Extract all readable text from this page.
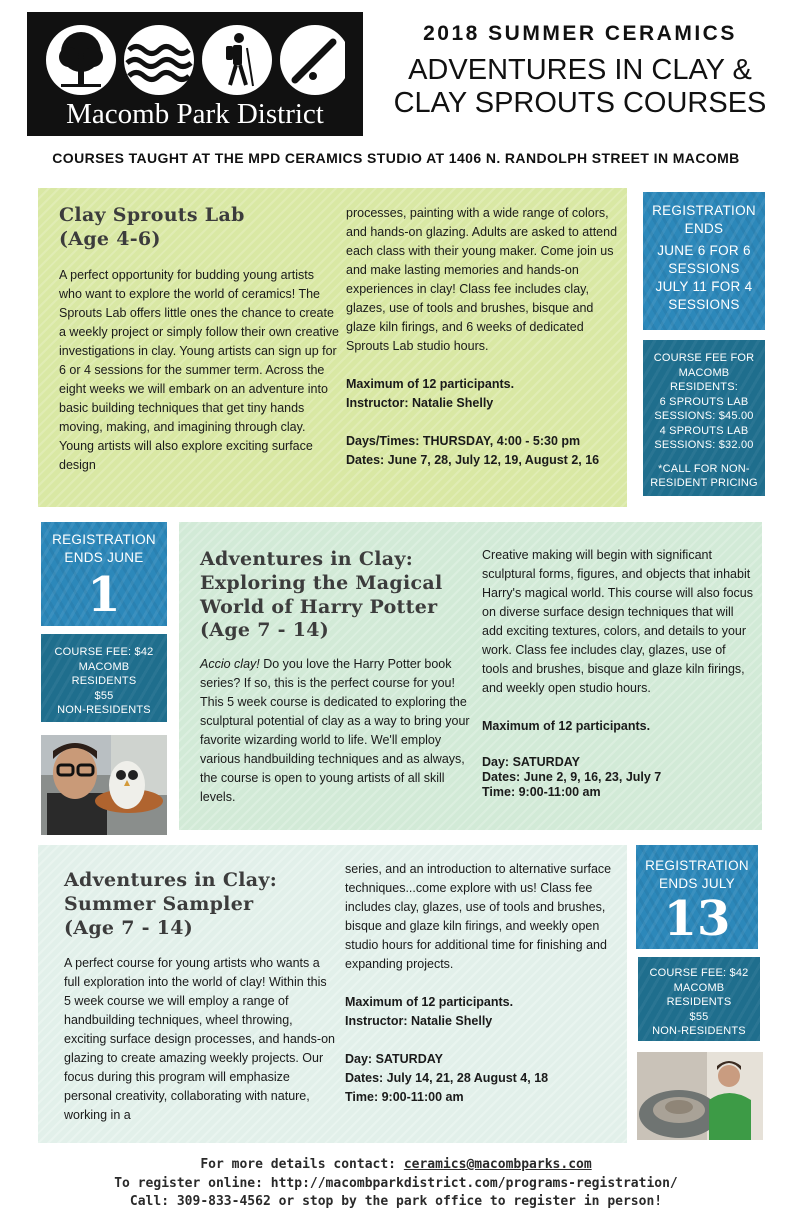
Macomb Park District
2018 SUMMER CERAMICS
ADVENTURES IN CLAY &
CLAY SPROUTS COURSES
COURSES TAUGHT AT THE MPD CERAMICS STUDIO AT 1406 N. RANDOLPH STREET IN MACOMB
Clay Sprouts Lab
(Age 4-6)
A perfect opportunity for budding young artists who want to explore the world of ceramics! The Sprouts Lab offers little ones the chance to create a weekly project or simply follow their own creative investigations in clay. Young artists can sign up for 6 or 4 sessions for the summer term. Across the eight weeks we will embark on an adventure into basic building techniques that get tiny hands moving, making, and imagining through clay. Young artists will also explore exciting surface design
processes, painting with a wide range of colors, and hands-on glazing. Adults are asked to attend each class with their young maker. Come join us and make lasting memories and hands-on experiences in clay! Class fee includes clay, glazes, use of tools and brushes, bisque and glaze kiln firings, and 6 weeks of dedicated Sprouts Lab studio hours.
Maximum of 12 participants.
Instructor: Natalie Shelly
Days/Times: THURSDAY, 4:00 - 5:30 pm
Dates: June 7, 28, July 12, 19, August 2, 16
REGISTRATION
ENDS
JUNE 6 FOR 6
SESSIONS
JULY 11 FOR 4
SESSIONS
COURSE FEE FOR
MACOMB
RESIDENTS:
6 SPROUTS LAB
SESSIONS: $45.00
4 SPROUTS LAB
SESSIONS: $32.00
*CALL FOR NON-
RESIDENT PRICING
REGISTRATION
ENDS JUNE
1
COURSE FEE: $42
MACOMB
RESIDENTS
$55
NON-RESIDENTS
Adventures in Clay:
Exploring the Magical
World of Harry Potter
(Age 7 - 14)
Accio clay! Do you love the Harry Potter book series? If so, this is the perfect course for you! This 5 week course is dedicated to exploring the sculptural potential of clay as a way to bring your favorite wizarding world to life. We'll employ various handbuilding techniques and as always, the course is open to young artists of all skill levels.
Creative making will begin with significant sculptural forms, figures, and objects that inhabit Harry's magical world. This course will also focus on diverse surface design techniques that will add exciting textures, colors, and details to your work. Class fee includes clay, glazes, use of tools and brushes, bisque and glaze kiln firings, and weekly open studio hours.
Maximum of 12 participants.
Day: SATURDAY
Dates: June 2, 9, 16, 23, July 7
Time: 9:00-11:00 am
Adventures in Clay:
Summer Sampler
(Age 7 - 14)
A perfect course for young artists who wants a full exploration into the world of clay! Within this 5 week course we will employ a range of handbuilding techniques, wheel throwing, exciting surface design processes, and hands-on glazing to create amazing weekly projects. Our focus during this program will emphasize personal creativity, collaborating with nature, working in a
series, and an introduction to alternative surface techniques...come explore with us! Class fee includes clay, glazes, use of tools and brushes, bisque and glaze kiln firings, and weekly open studio hours for additional time for finishing and expanding projects.
Maximum of 12 participants.
Instructor: Natalie Shelly
Day: SATURDAY
Dates: July 14, 21, 28 August 4, 18
Time: 9:00-11:00 am
REGISTRATION
ENDS JULY
13
COURSE FEE: $42
MACOMB
RESIDENTS
$55
NON-RESIDENTS
For more details contact: ceramics@macombparks.com
To register online: http://macombparkdistrict.com/programs-registration/
Call: 309-833-4562 or stop by the park office to register in person!
